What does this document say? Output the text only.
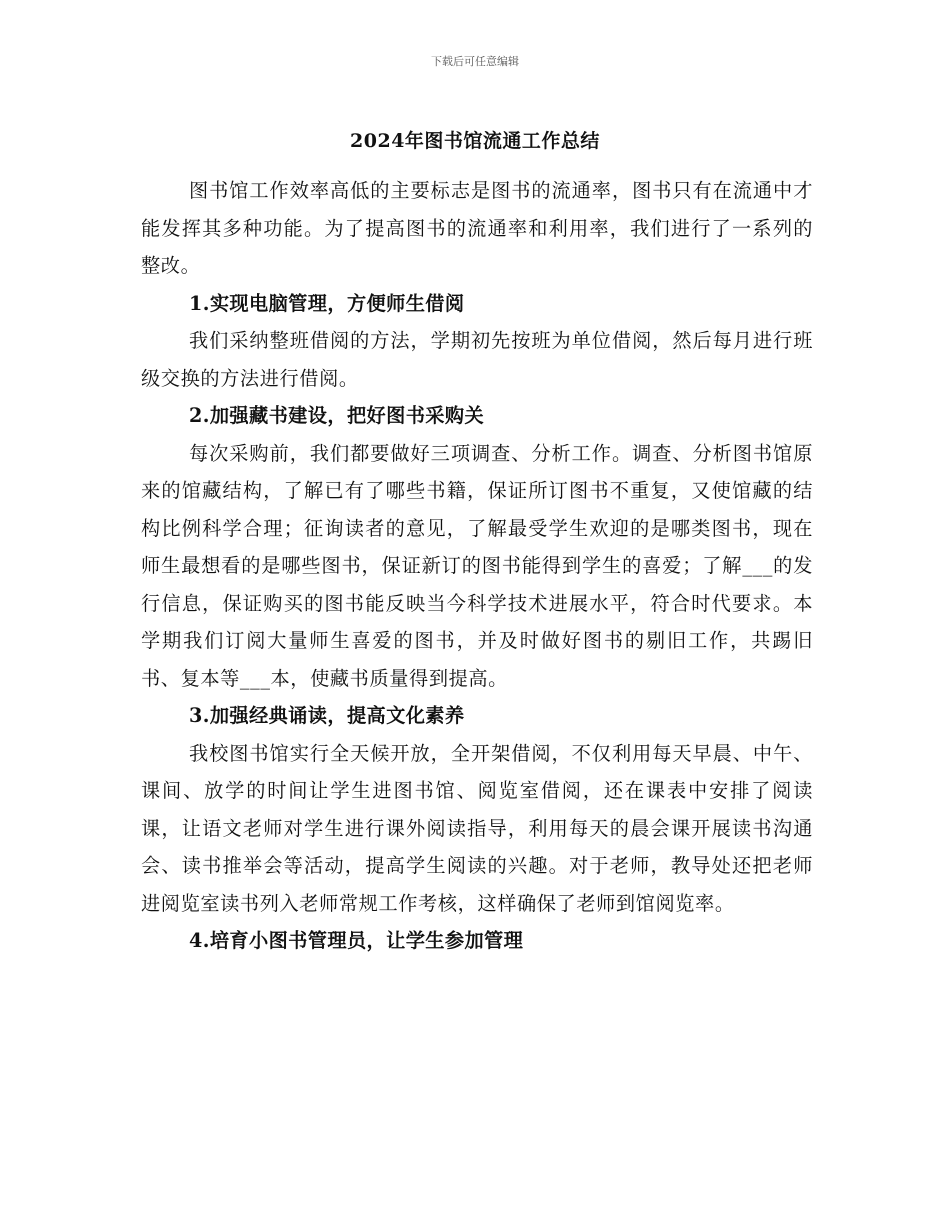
下载后可任意编辑
2024年图书馆流通工作总结

图书馆工作效率高低的主要标志是图书的流通率，图书只有在流通中才能发挥其多种功能。为了提高图书的流通率和利用率，我们进行了一系列的整改。

1.实现电脑管理，方便师生借阅

我们采纳整班借阅的方法，学期初先按班为单位借阅，然后每月进行班级交换的方法进行借阅。

2.加强藏书建设，把好图书采购关

每次采购前，我们都要做好三项调查、分析工作。调查、分析图书馆原来的馆藏结构，了解已有了哪些书籍，保证所订图书不重复，又使馆藏的结构比例科学合理；征询读者的意见，了解最受学生欢迎的是哪类图书，现在师生最想看的是哪些图书，保证新订的图书能得到学生的喜爱；了解___的发行信息，保证购买的图书能反映当今科学技术进展水平，符合时代要求。本学期我们订阅大量师生喜爱的图书，并及时做好图书的剔旧工作，共踢旧书、复本等___本，使藏书质量得到提高。

3.加强经典诵读，提高文化素养

我校图书馆实行全天候开放，全开架借阅，不仅利用每天早晨、中午、课间、放学的时间让学生进图书馆、阅览室借阅，还在课表中安排了阅读课，让语文老师对学生进行课外阅读指导，利用每天的晨会课开展读书沟通会、读书推举会等活动，提高学生阅读的兴趣。对于老师，教导处还把老师进阅览室读书列入老师常规工作考核，这样确保了老师到馆阅览率。

4.培育小图书管理员，让学生参加管理
